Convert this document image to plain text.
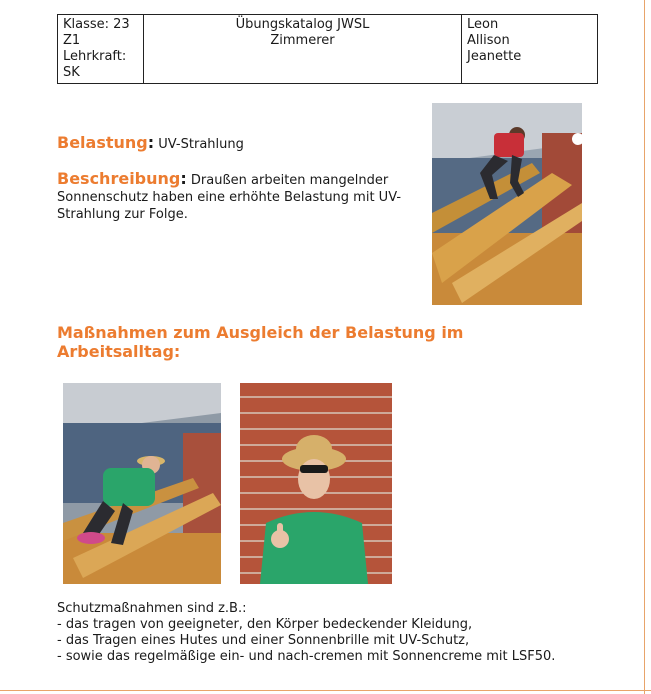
Klasse: 23
Z1
Lehrkraft:
SK

Übungskatalog JWSL
Zimmerer

Leon
Allison
Jeanette
Belastung: UV-Strahlung
Beschreibung: Draußen arbeiten mangelnder Sonnenschutz haben eine erhöhte Belastung mit UV-Strahlung zur Folge.
Maßnahmen zum Ausgleich der Belastung im Arbeitsalltag:
Schutzmaßnahmen sind z.B.:
- das tragen von geeigneter, den Körper bedeckender Kleidung,
- das Tragen eines Hutes und einer Sonnenbrille mit UV-Schutz,
- sowie das regelmäßige ein- und nach-cremen mit Sonnencreme mit LSF50.
